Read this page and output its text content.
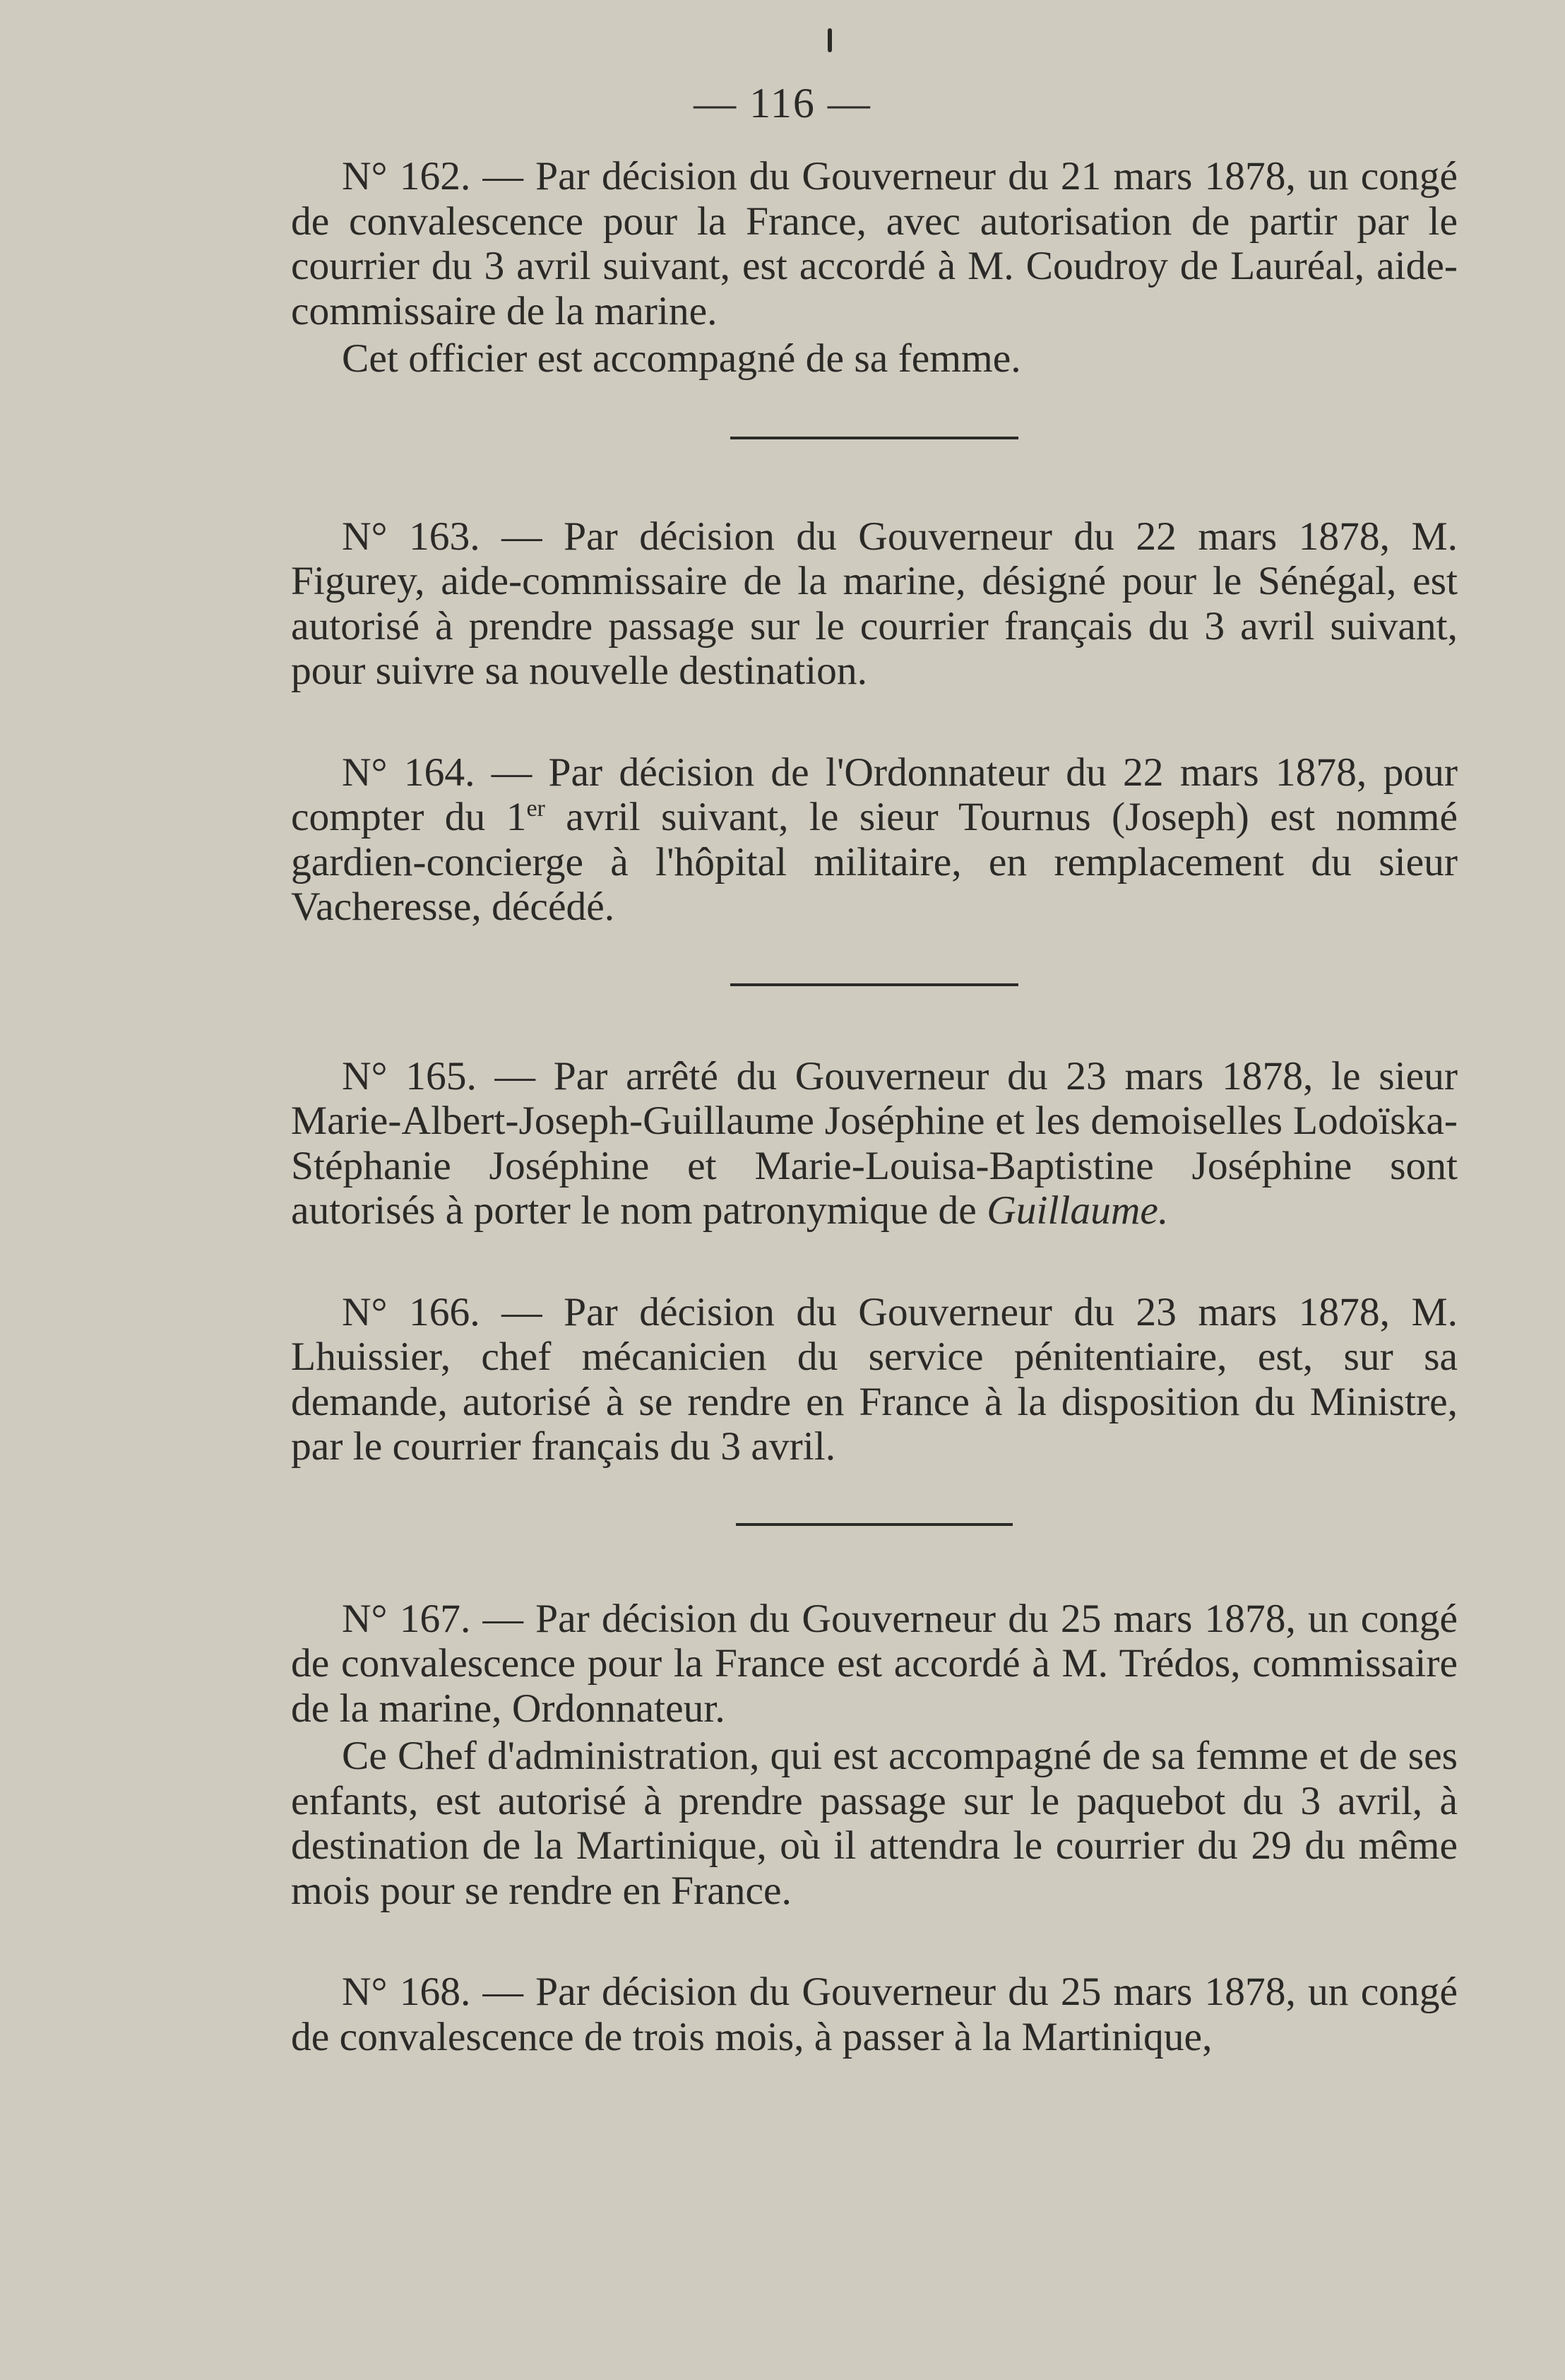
— 116 —

N° 162. — Par décision du Gouverneur du 21 mars 1878, un congé de convalescence pour la France, avec autorisation de partir par le courrier du 3 avril suivant, est accordé à M. Coudroy de Lauréal, aide-commissaire de la marine.

Cet officier est accompagné de sa femme.

N° 163. — Par décision du Gouverneur du 22 mars 1878, M. Figurey, aide-commissaire de la marine, désigné pour le Sénégal, est autorisé à prendre passage sur le courrier français du 3 avril suivant, pour suivre sa nouvelle destination.

N° 164. — Par décision de l'Ordonnateur du 22 mars 1878, pour compter du 1er avril suivant, le sieur Tournus (Joseph) est nommé gardien-concierge à l'hôpital militaire, en remplacement du sieur Vacheresse, décédé.

N° 165. — Par arrêté du Gouverneur du 23 mars 1878, le sieur Marie-Albert-Joseph-Guillaume Joséphine et les demoiselles Lodoïska-Stéphanie Joséphine et Marie-Louisa-Baptistine Joséphine sont autorisés à porter le nom patronymique de Guillaume.

N° 166. — Par décision du Gouverneur du 23 mars 1878, M. Lhuissier, chef mécanicien du service pénitentiaire, est, sur sa demande, autorisé à se rendre en France à la disposition du Ministre, par le courrier français du 3 avril.

N° 167. — Par décision du Gouverneur du 25 mars 1878, un congé de convalescence pour la France est accordé à M. Trédos, commissaire de la marine, Ordonnateur.

Ce Chef d'administration, qui est accompagné de sa femme et de ses enfants, est autorisé à prendre passage sur le paquebot du 3 avril, à destination de la Martinique, où il attendra le courrier du 29 du même mois pour se rendre en France.

N° 168. — Par décision du Gouverneur du 25 mars 1878, un congé de convalescence de trois mois, à passer à la Martinique,
